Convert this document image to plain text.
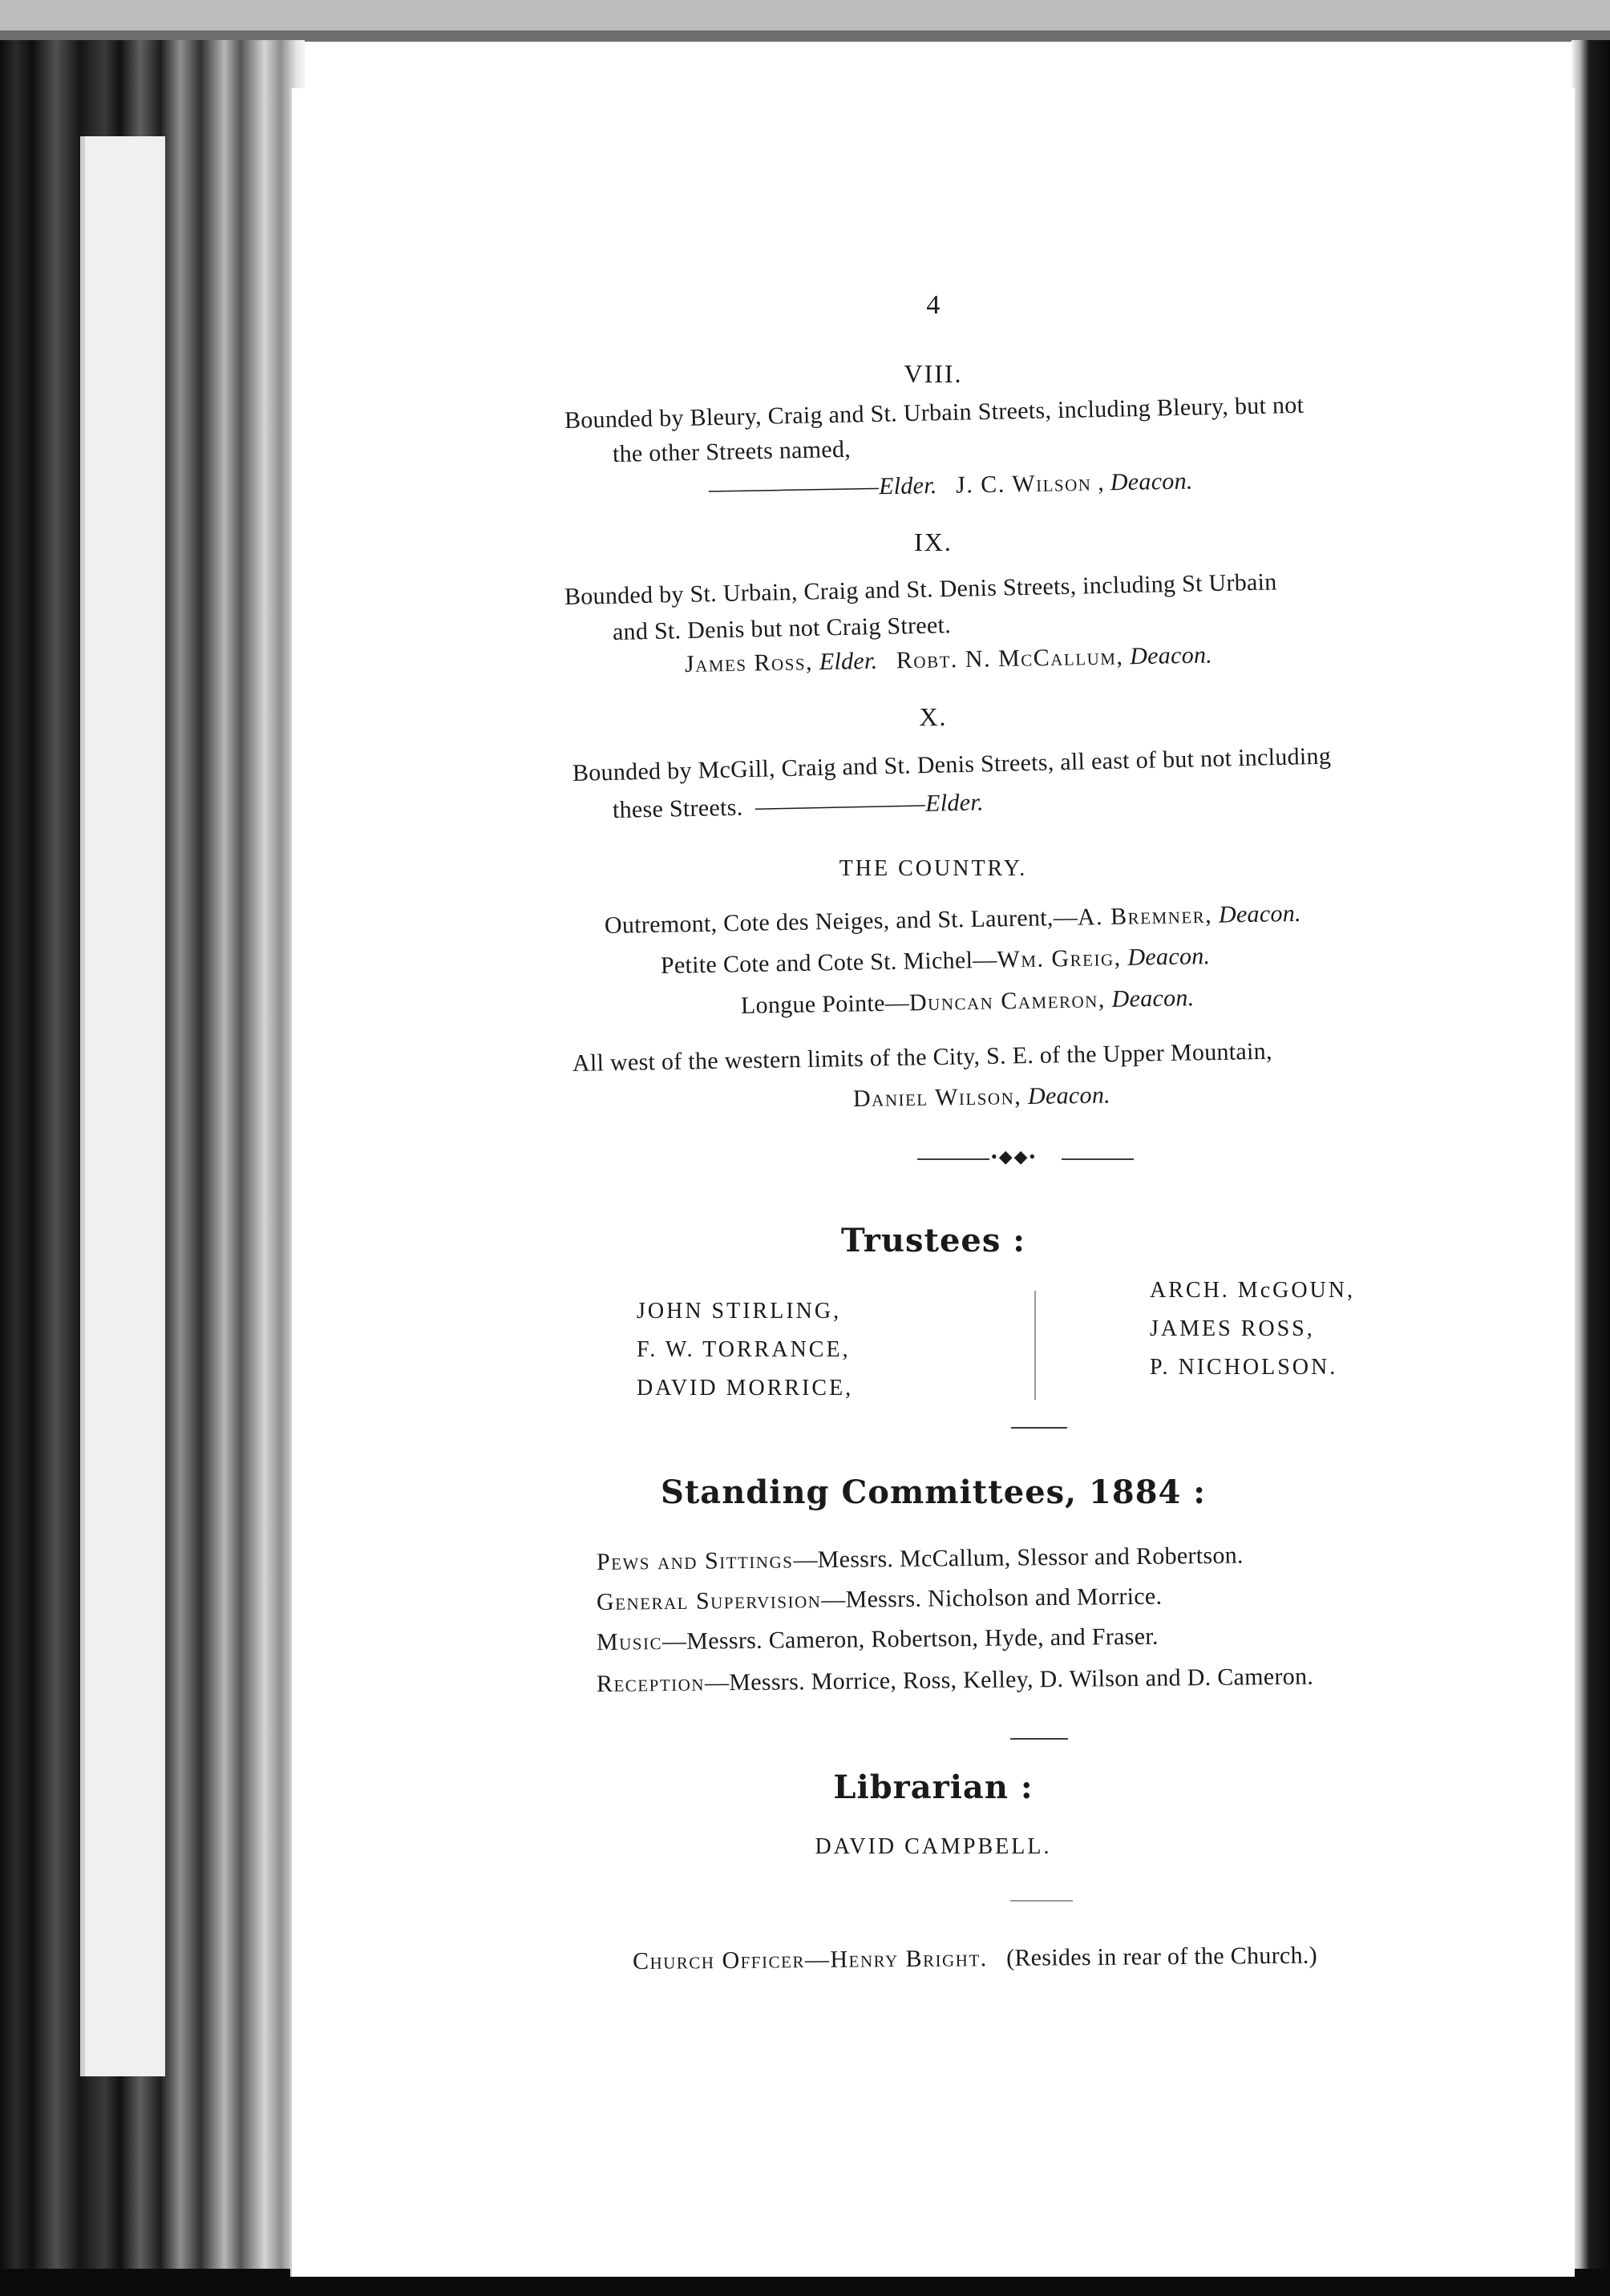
4
VIII.
Bounded by Bleury, Craig and St. Urbain Streets, including Bleury, but not
the other Streets named,
———————Elder. J. C. Wilson , Deacon.
IX.
Bounded by St. Urbain, Craig and St. Denis Streets, including St Urbain
and St. Denis but not Craig Street.
James Ross, Elder. Robt. N. McCallum, Deacon.
X.
Bounded by McGill, Craig and St. Denis Streets, all east of but not including
these Streets. ———————Elder.
THE COUNTRY.
Outremont, Cote des Neiges, and St. Laurent,—A. Bremner, Deacon.
Petite Cote and Cote St. Michel—Wm. Greig, Deacon.
Longue Pointe—Duncan Cameron, Deacon.
All west of the western limits of the City, S. E. of the Upper Mountain,
Daniel Wilson, Deacon.
•◆◆•
Trustees :
JOHN STIRLING,
F. W. TORRANCE,
DAVID MORRICE,
ARCH. McGOUN,
JAMES ROSS,
P. NICHOLSON.
Standing Committees, 1884 :
Pews and Sittings—Messrs. McCallum, Slessor and Robertson.
General Supervision—Messrs. Nicholson and Morrice.
Music—Messrs. Cameron, Robertson, Hyde, and Fraser.
Reception—Messrs. Morrice, Ross, Kelley, D. Wilson and D. Cameron.
Librarian :
DAVID CAMPBELL.
Church Officer—Henry Bright. (Resides in rear of the Church.)
